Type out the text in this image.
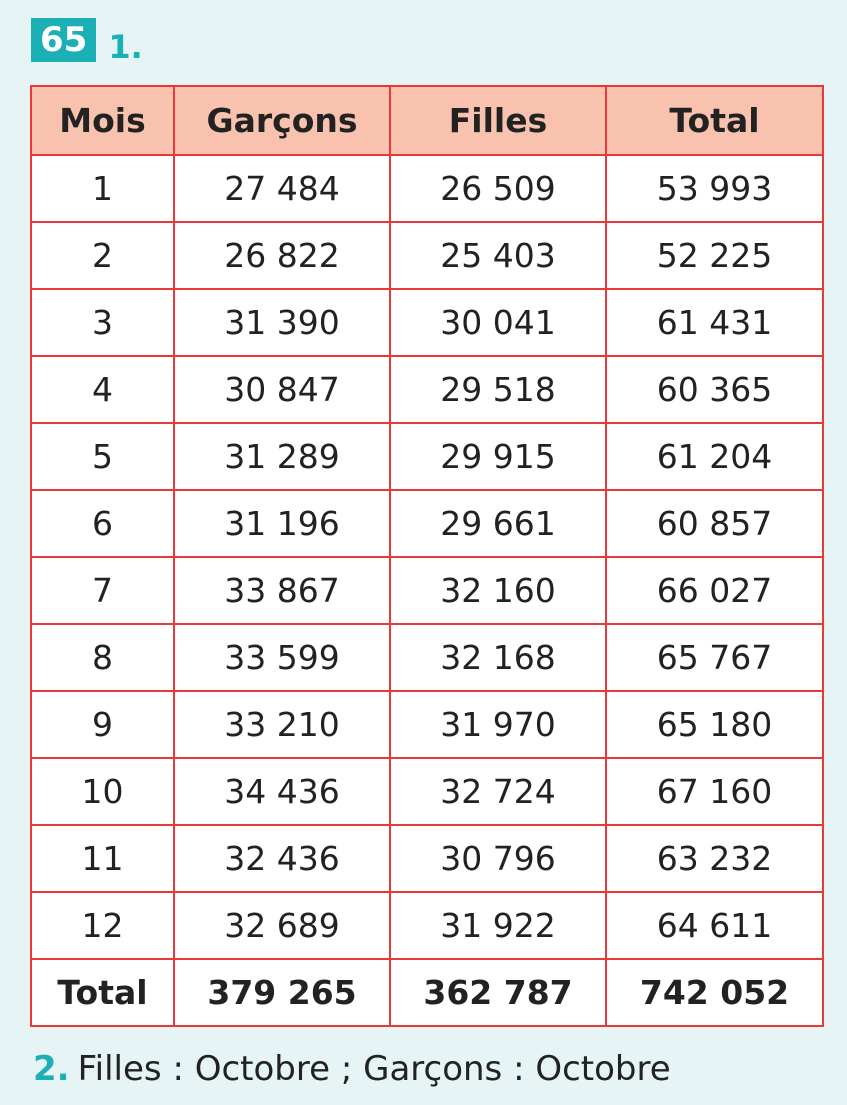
65 1.
Mois	Garçons	Filles	Total
1	27 484	26 509	53 993
2	26 822	25 403	52 225
3	31 390	30 041	61 431
4	30 847	29 518	60 365
5	31 289	29 915	61 204
6	31 196	29 661	60 857
7	33 867	32 160	66 027
8	33 599	32 168	65 767
9	33 210	31 970	65 180
10	34 436	32 724	67 160
11	32 436	30 796	63 232
12	32 689	31 922	64 611
Total	379 265	362 787	742 052
2. Filles : Octobre ; Garçons : Octobre
